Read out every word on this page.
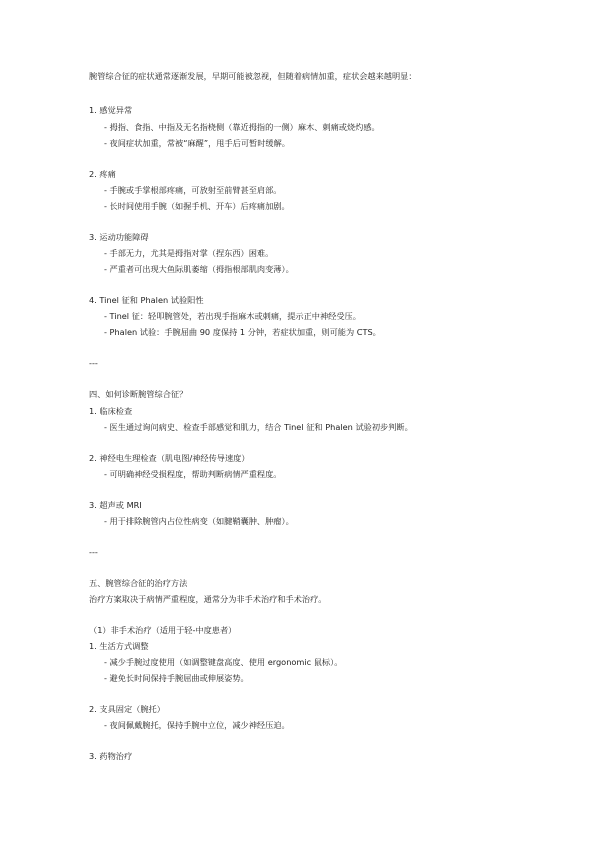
腕管综合征的症状通常逐渐发展，早期可能被忽视，但随着病情加重，症状会越来越明显：
1. 感觉异常
- 拇指、食指、中指及无名指桡侧（靠近拇指的一侧）麻木、刺痛或烧灼感。
- 夜间症状加重，常被“麻醒”，甩手后可暂时缓解。
2. 疼痛
- 手腕或手掌根部疼痛，可放射至前臂甚至肩部。
- 长时间使用手腕（如握手机、开车）后疼痛加剧。
3. 运动功能障碍
- 手部无力，尤其是拇指对掌（捏东西）困难。
- 严重者可出现大鱼际肌萎缩（拇指根部肌肉变薄）。
4. Tinel 征和 Phalen 试验阳性
- Tinel 征：轻叩腕管处，若出现手指麻木或刺痛，提示正中神经受压。
- Phalen 试验：手腕屈曲 90 度保持 1 分钟，若症状加重，则可能为 CTS。
---
四、如何诊断腕管综合征？
1. 临床检查
- 医生通过询问病史、检查手部感觉和肌力，结合 Tinel 征和 Phalen 试验初步判断。
2. 神经电生理检查（肌电图/神经传导速度）
- 可明确神经受损程度，帮助判断病情严重程度。
3. 超声或 MRI
- 用于排除腕管内占位性病变（如腱鞘囊肿、肿瘤）。
---
五、腕管综合征的治疗方法
治疗方案取决于病情严重程度，通常分为非手术治疗和手术治疗。
（1）非手术治疗（适用于轻-中度患者）
1. 生活方式调整
- 减少手腕过度使用（如调整键盘高度、使用 ergonomic 鼠标）。
- 避免长时间保持手腕屈曲或伸展姿势。
2. 支具固定（腕托）
- 夜间佩戴腕托，保持手腕中立位，减少神经压迫。
3. 药物治疗
